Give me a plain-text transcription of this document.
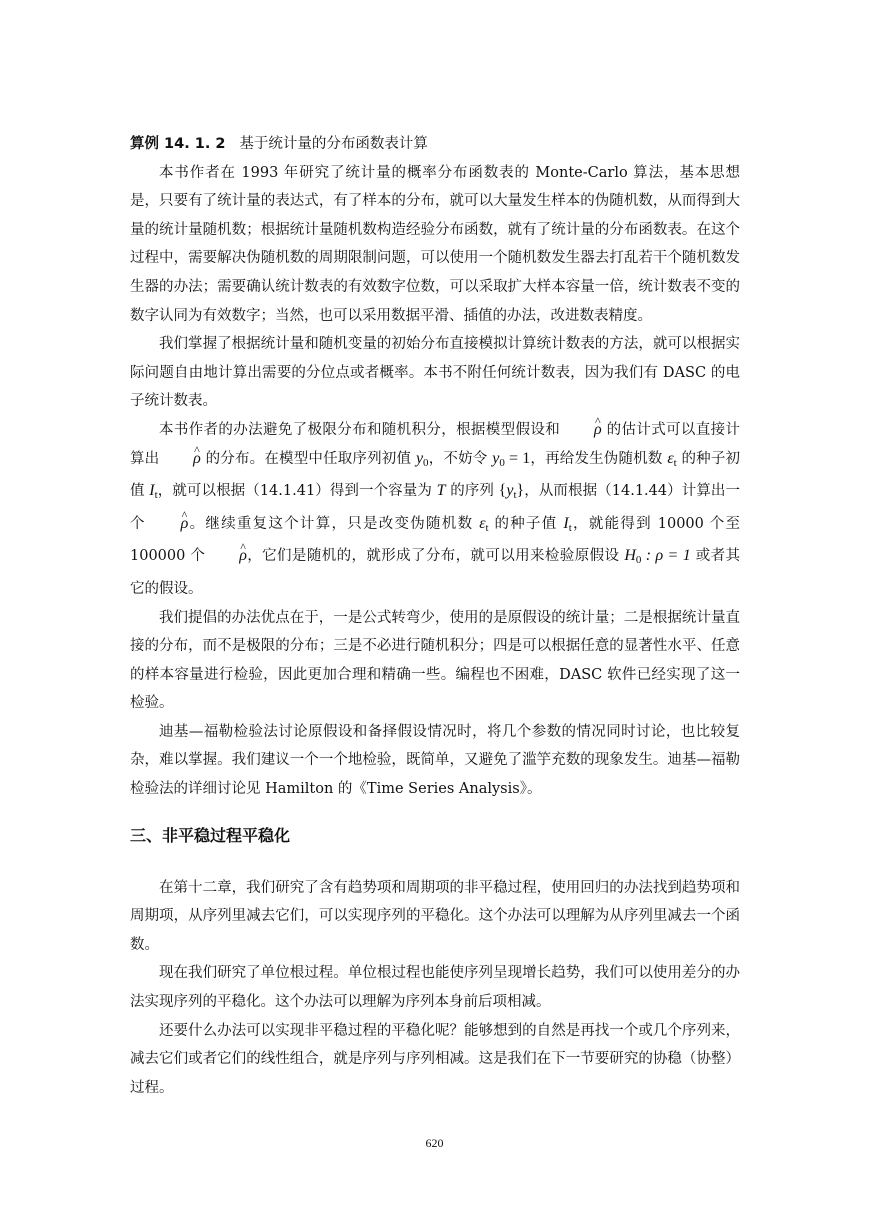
算例 14. 1. 2 基于统计量的分布函数表计算

本书作者在 1993 年研究了统计量的概率分布函数表的 Monte-Carlo 算法，基本思想是，只要有了统计量的表达式，有了样本的分布，就可以大量发生样本的伪随机数，从而得到大量的统计量随机数；根据统计量随机数构造经验分布函数，就有了统计量的分布函数表。在这个过程中，需要解决伪随机数的周期限制问题，可以使用一个随机数发生器去打乱若干个随机数发生器的办法；需要确认统计数表的有效数字位数，可以采取扩大样本容量一倍，统计数表不变的数字认同为有效数字；当然，也可以采用数据平滑、插值的办法，改进数表精度。

我们掌握了根据统计量和随机变量的初始分布直接模拟计算统计数表的方法，就可以根据实际问题自由地计算出需要的分位点或者概率。本书不附任何统计数表，因为我们有 DASC 的电子统计数表。

本书作者的办法避免了极限分布和随机积分，根据模型假设和 ^ ρ 的估计式可以直接计算出 ^ ρ 的分布。在模型中任取序列初值 $y_0$，不妨令 $y_0 = 1$，再给发生伪随机数 $\varepsilon_t$ 的种子初值 $I_t$，就可以根据（14.1.41）得到一个容量为 T 的序列 $\{y_t\}$，从而根据（14.1.44）计算出一个 ^ ρ。继续重复这个计算，只是改变伪随机数 $\varepsilon_t$ 的种子值 $I_t$，就能得到 10000 个至 100000 个 ^ ρ，它们是随机的，就形成了分布，就可以用来检验原假设 $H_0$ : ρ = 1 或者其它的假设。

我们提倡的办法优点在于，一是公式转弯少，使用的是原假设的统计量；二是根据统计量直接的分布，而不是极限的分布；三是不必进行随机积分；四是可以根据任意的显著性水平、任意的样本容量进行检验，因此更加合理和精确一些。编程也不困难，DASC 软件已经实现了这一检验。

迪基—福勒检验法讨论原假设和备择假设情况时，将几个参数的情况同时讨论，也比较复杂，难以掌握。我们建议一个一个地检验，既简单，又避免了滥竽充数的现象发生。迪基—福勒检验法的详细讨论见 Hamilton 的《Time Series Analysis》。

三、非平稳过程平稳化

在第十二章，我们研究了含有趋势项和周期项的非平稳过程，使用回归的办法找到趋势项和周期项，从序列里减去它们，可以实现序列的平稳化。这个办法可以理解为从序列里减去一个函数。

现在我们研究了单位根过程。单位根过程也能使序列呈现增长趋势，我们可以使用差分的办法实现序列的平稳化。这个办法可以理解为序列本身前后项相减。

还要什么办法可以实现非平稳过程的平稳化呢？能够想到的自然是再找一个或几个序列来，减去它们或者它们的线性组合，就是序列与序列相减。这是我们在下一节要研究的协稳（协整）过程。

620
